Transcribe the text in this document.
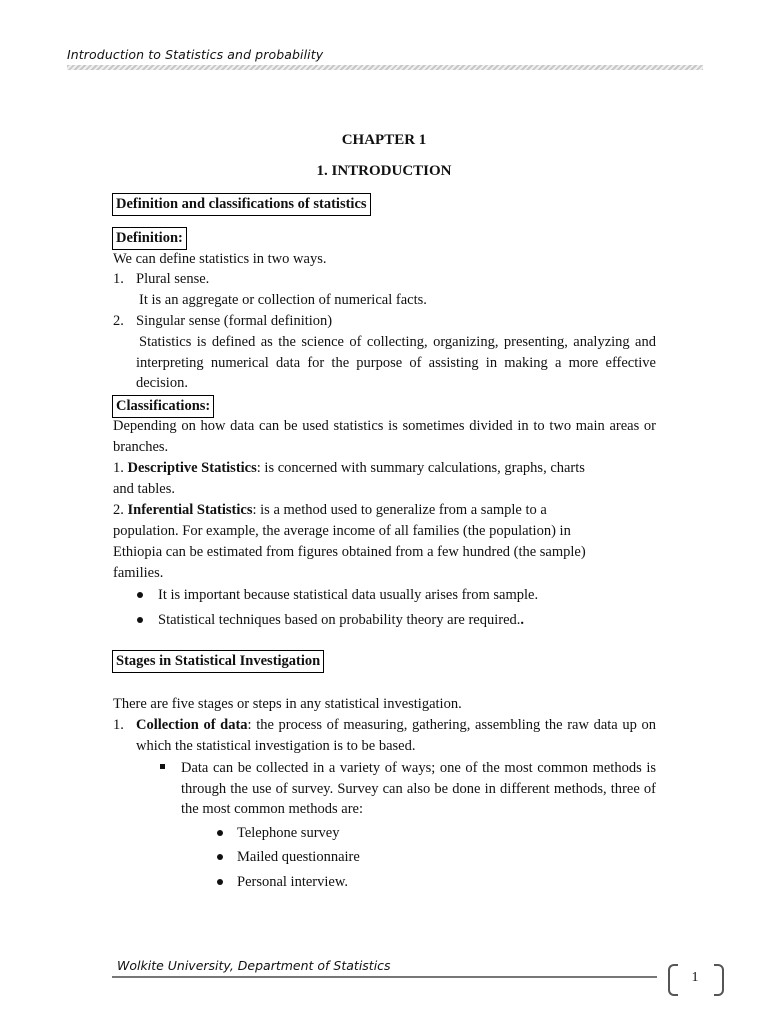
Introduction to Statistics and probability
CHAPTER 1
1. INTRODUCTION
Definition and classifications of statistics
Definition:
We can define statistics in two ways.
1. Plural sense.
It is an aggregate or collection of numerical facts.
2. Singular sense (formal definition)
Statistics is defined as the science of collecting, organizing, presenting, analyzing and interpreting numerical data for the purpose of assisting in making a more effective decision.
Classifications:
Depending on how data can be used statistics is sometimes divided in to two main areas or branches.
1. Descriptive Statistics: is concerned with summary calculations, graphs, charts
and tables.
2. Inferential Statistics: is a method used to generalize from a sample to a
population. For example, the average income of all families (the population) in
Ethiopia can be estimated from figures obtained from a few hundred (the sample)
families.
It is important because statistical data usually arises from sample.
Statistical techniques based on probability theory are required..
Stages in Statistical Investigation
There are five stages or steps in any statistical investigation.
1. Collection of data: the process of measuring, gathering, assembling the raw data up on which the statistical investigation is to be based.
Data can be collected in a variety of ways; one of the most common methods is through the use of survey. Survey can also be done in different methods, three of the most common methods are:
Telephone survey
Mailed questionnaire
Personal interview.
Wolkite University, Department of Statistics
1
